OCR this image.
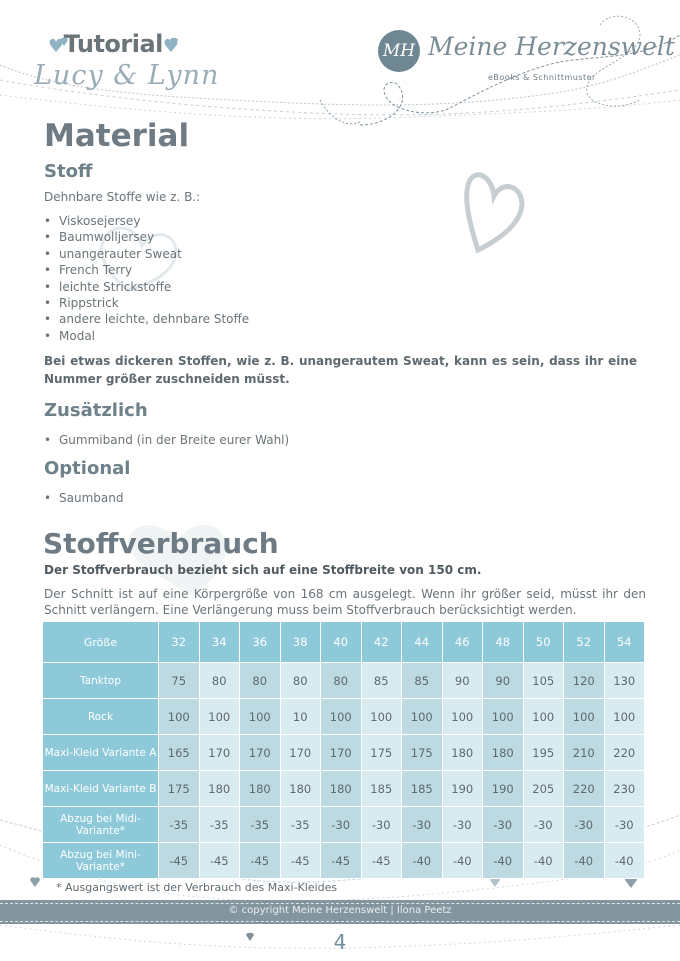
♥Tutorial♥
Lucy & Lynn
MH Meine Herzenswelt
eBooks & Schnittmuster
Material
Stoff
Dehnbare Stoffe wie z. B.:
• Viskosejersey
• Baumwolljersey
• unangerauter Sweat
• French Terry
• leichte Strickstoffe
• Rippstrick
• andere leichte, dehnbare Stoffe
• Modal
Bei etwas dickeren Stoffen, wie z. B. unangerautem Sweat, kann es sein, dass ihr eine Nummer größer zuschneiden müsst.
Zusätzlich
• Gummiband (in der Breite eurer Wahl)
Optional
• Saumband
Stoffverbrauch
Der Stoffverbrauch bezieht sich auf eine Stoffbreite von 150 cm.
Der Schnitt ist auf eine Körpergröße von 168 cm ausgelegt. Wenn ihr größer seid, müsst ihr den Schnitt verlängern. Eine Verlängerung muss beim Stoffverbrauch berücksichtigt werden.
Größe	32	34	36	38	40	42	44	46	48	50	52	54
Tanktop	75	80	80	80	80	85	85	90	90	105	120	130
Rock	100	100	100	10	100	100	100	100	100	100	100	100
Maxi-Kleid Variante A	165	170	170	170	170	175	175	180	180	195	210	220
Maxi-Kleid Variante B	175	180	180	180	180	185	185	190	190	205	220	230
Abzug bei Midi-Variante*	-35	-35	-35	-35	-30	-30	-30	-30	-30	-30	-30	-30
Abzug bei Mini-Variante*	-45	-45	-45	-45	-45	-45	-40	-40	-40	-40	-40	-40
* Ausgangswert ist der Verbrauch des Maxi-Kleides
© copyright Meine Herzenswelt | Ilona Peetz
4
